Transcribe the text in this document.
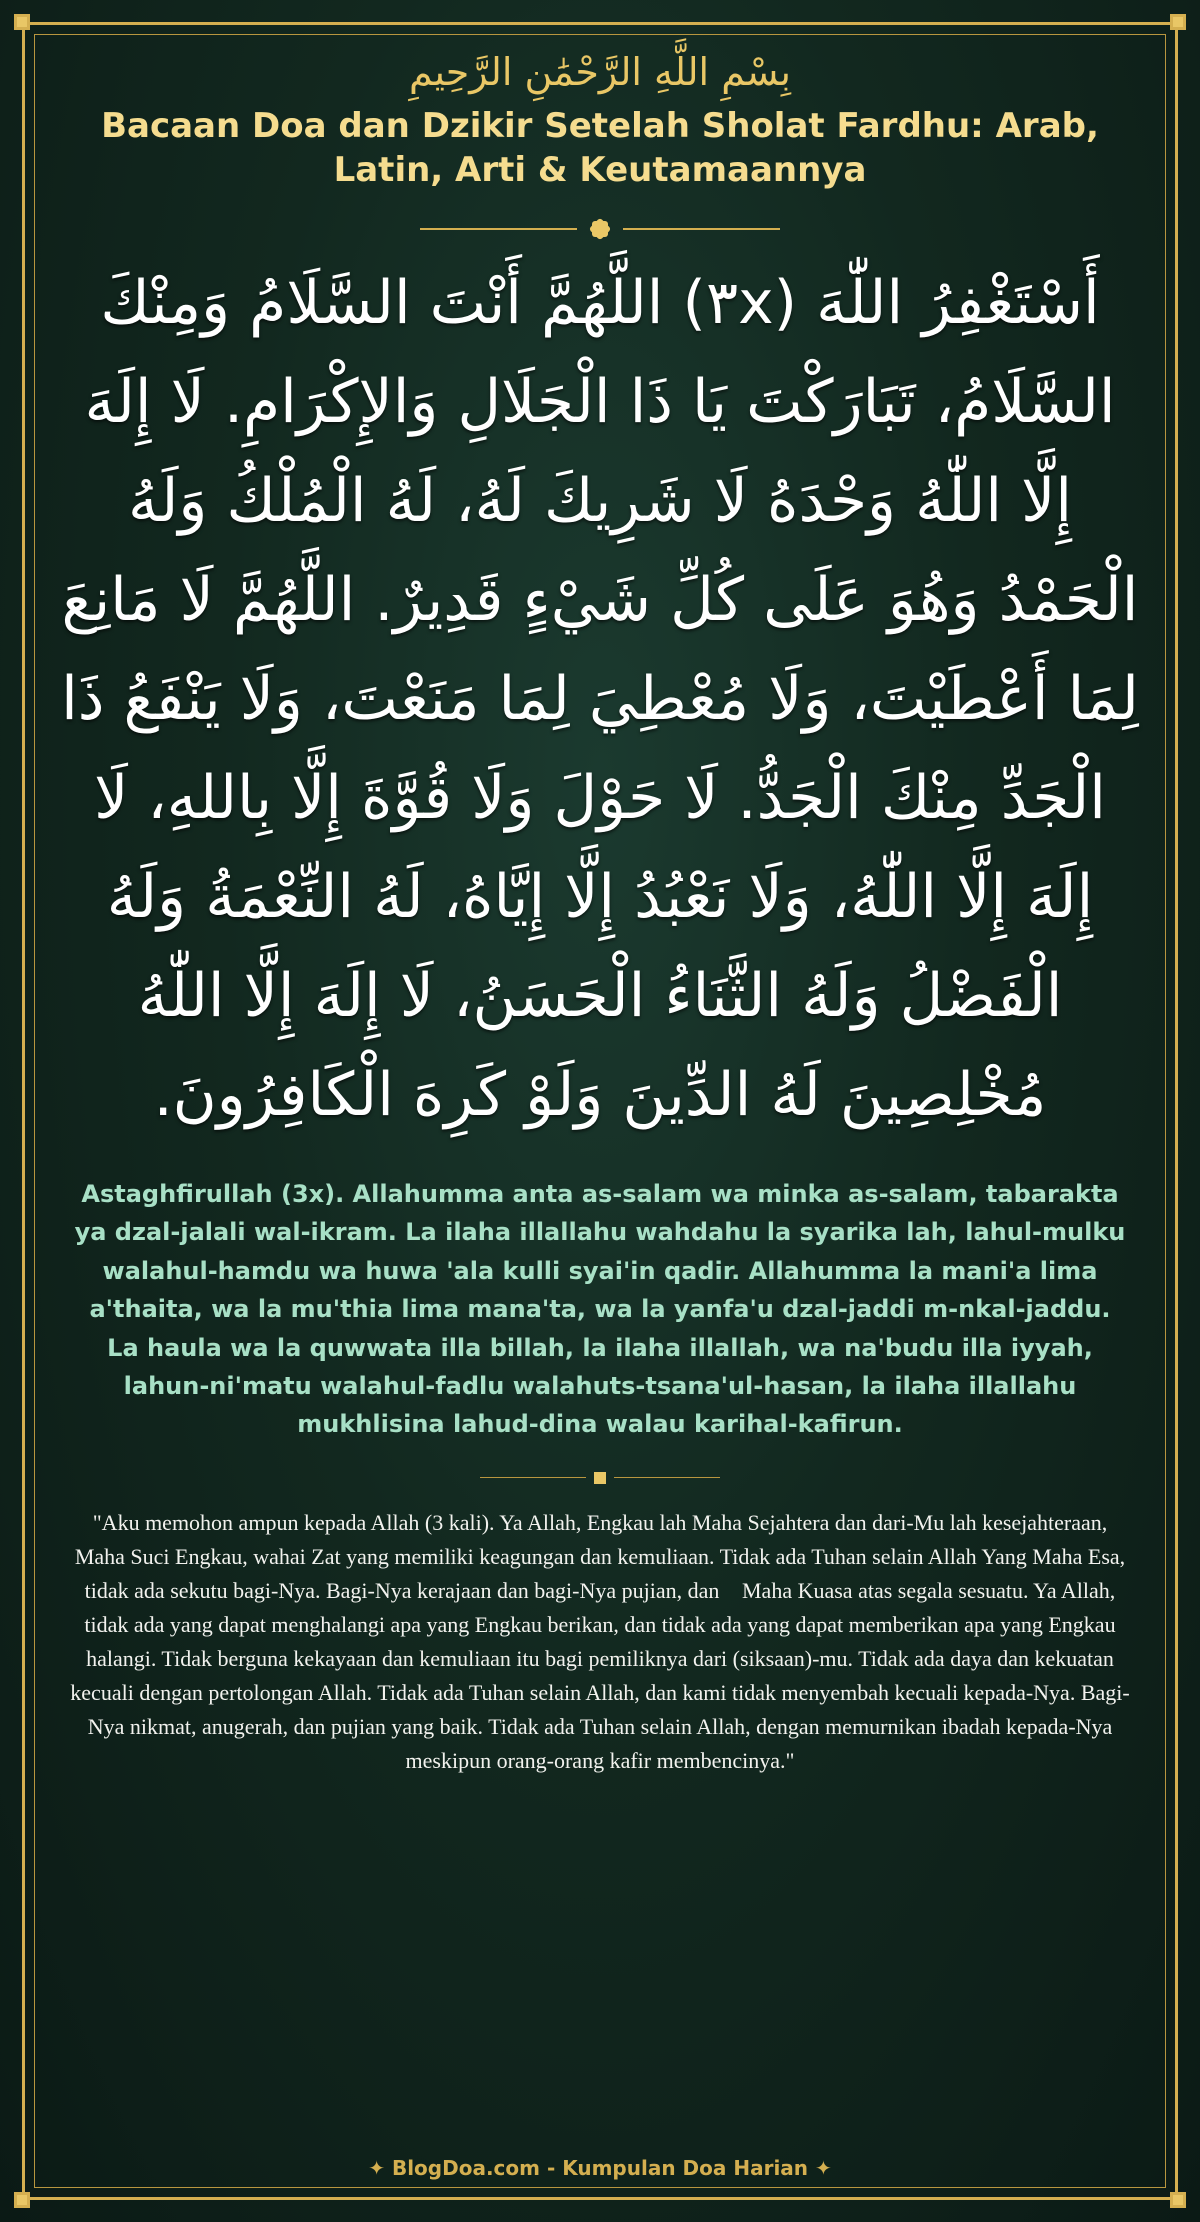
بِسْمِ اللَّهِ الرَّحْمَٰنِ الرَّحِيمِ

Bacaan Doa dan Dzikir Setelah Sholat Fardhu: Arab, Latin, Arti & Keutamaannya

أَسْتَغْفِرُ اللّٰهَ (٣x) اللَّهُمَّ أَنْتَ السَّلَامُ وَمِنْكَ السَّلَامُ، تَبَارَكْتَ يَا ذَا الْجَلَالِ وَالإِكْرَامِ. لَا إِلَهَ إِلَّا اللّٰهُ وَحْدَهُ لَا شَرِيكَ لَهُ، لَهُ الْمُلْكُ وَلَهُ الْحَمْدُ وَهُوَ عَلَى كُلِّ شَيْءٍ قَدِيرٌ. اللَّهُمَّ لَا مَانِعَ لِمَا أَعْطَيْتَ، وَلَا مُعْطِيَ لِمَا مَنَعْتَ، وَلَا يَنْفَعُ ذَا الْجَدِّ مِنْكَ الْجَدُّ. لَا حَوْلَ وَلَا قُوَّةَ إِلَّا بِاللهِ، لَا إِلَهَ إِلَّا اللّٰهُ، وَلَا نَعْبُدُ إِلَّا إِيَّاهُ، لَهُ النِّعْمَةُ وَلَهُ الْفَضْلُ وَلَهُ الثَّنَاءُ الْحَسَنُ، لَا إِلَهَ إِلَّا اللّٰهُ مُخْلِصِينَ لَهُ الدِّينَ وَلَوْ كَرِهَ الْكَافِرُونَ.

Astaghfirullah (3x). Allahumma anta as-salam wa minka as-salam, tabarakta ya dzal-jalali wal-ikram. La ilaha illallahu wahdahu la syarika lah, lahul-mulku walahul-hamdu wa huwa 'ala kulli syai'in qadir. Allahumma la mani'a lima a'thaita, wa la mu'thia lima mana'ta, wa la yanfa'u dzal-jaddi m-nkal-jaddu. La haula wa la quwwata illa billah, la ilaha illallah, wa na'budu illa iyyah, lahun-ni'matu walahul-fadlu walahuts-tsana'ul-hasan, la ilaha illallahu mukhlisina lahud-dina walau karihal-kafirun.

"Aku memohon ampun kepada Allah (3 kali). Ya Allah, Engkau lah Maha Sejahtera dan dari-Mu lah kesejahteraan, Maha Suci Engkau, wahai Zat yang memiliki keagungan dan kemuliaan. Tidak ada Tuhan selain Allah Yang Maha Esa, tidak ada sekutu bagi-Nya. Bagi-Nya kerajaan dan bagi-Nya pujian, dan􏰀 Maha Kuasa atas segala sesuatu. Ya Allah, tidak ada yang dapat menghalangi apa yang Engkau berikan, dan tidak ada yang dapat memberikan apa yang Engkau halangi. Tidak berguna kekayaan dan kemuliaan itu bagi pemiliknya dari (siksaan)-mu. Tidak ada daya dan kekuatan kecuali dengan pertolongan Allah. Tidak ada Tuhan selain Allah, dan kami tidak menyembah kecuali kepada-Nya. Bagi-Nya nikmat, anugerah, dan pujian yang baik. Tidak ada Tuhan selain Allah, dengan memurnikan ibadah kepada-Nya meskipun orang-orang kafir membencinya."

✦ BlogDoa.com - Kumpulan Doa Harian ✦
